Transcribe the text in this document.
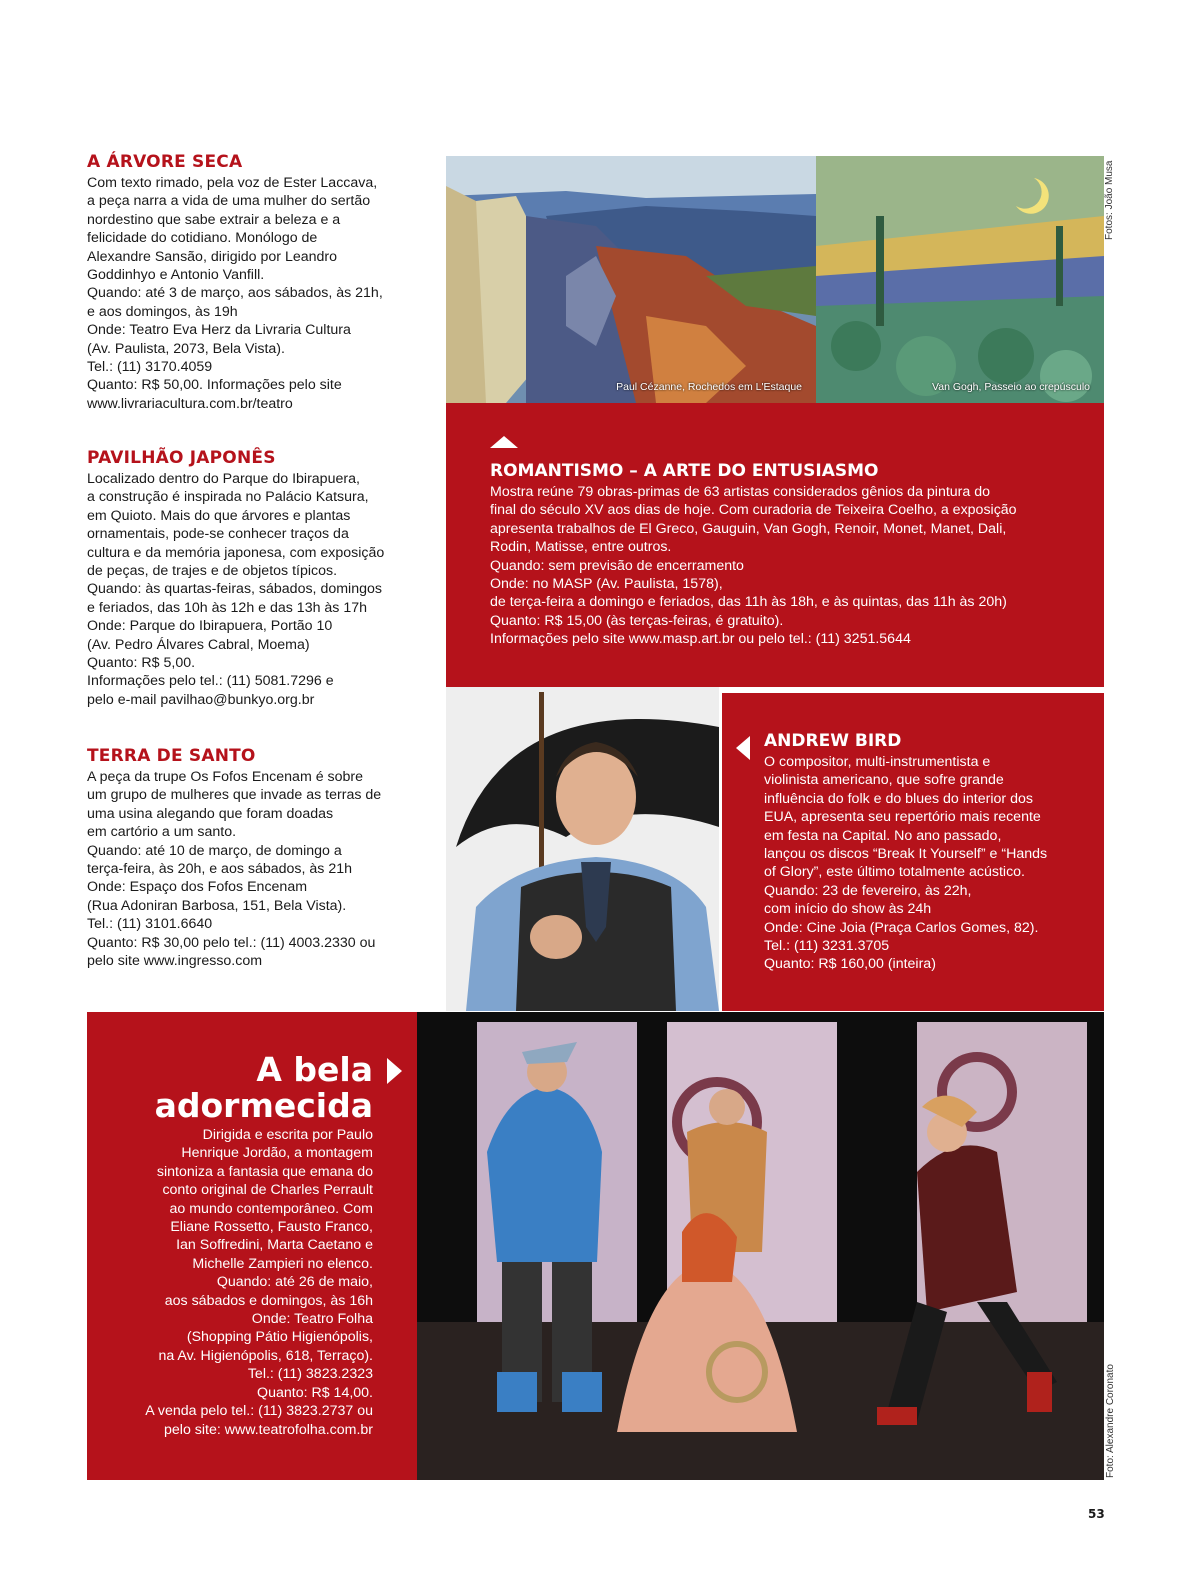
A ÁRVORE SECA

Com texto rimado, pela voz de Ester Laccava,

a peça narra a vida de uma mulher do sertão

nordestino que sabe extrair a beleza e a

felicidade do cotidiano. Monólogo de

Alexandre Sansão, dirigido por Leandro

Goddinhyo e Antonio Vanfill.

Quando: até 3 de março, aos sábados, às 21h,

e aos domingos, às 19h

Onde: Teatro Eva Herz da Livraria Cultura

(Av. Paulista, 2073, Bela Vista).

Tel.: (11) 3170.4059

Quanto: R$ 50,00. Informações pelo site

www.livrariacultura.com.br/teatro

PAVILHÃO JAPONÊS

Localizado dentro do Parque do Ibirapuera,

a construção é inspirada no Palácio Katsura,

em Quioto. Mais do que árvores e plantas

ornamentais, pode-se conhecer traços da

cultura e da memória japonesa, com exposição

de peças, de trajes e de objetos típicos.

Quando: às quartas-feiras, sábados, domingos

e feriados, das 10h às 12h e das 13h às 17h

Onde: Parque do Ibirapuera, Portão 10

(Av. Pedro Álvares Cabral, Moema)

Quanto: R$ 5,00.

Informações pelo tel.: (11) 5081.7296 e

pelo e-mail pavilhao@bunkyo.org.br

TERRA DE SANTO

A peça da trupe Os Fofos Encenam é sobre

um grupo de mulheres que invade as terras de

uma usina alegando que foram doadas

em cartório a um santo.

Quando: até 10 de março, de domingo a

terça-feira, às 20h, e aos sábados, às 21h

Onde: Espaço dos Fofos Encenam

(Rua Adoniran Barbosa, 151, Bela Vista).

Tel.: (11) 3101.6640

Quanto: R$ 30,00 pelo tel.: (11) 4003.2330 ou

pelo site www.ingresso.com

Paul Cézanne, Rochedos em L'Estaque	Van Gogh, Passeio ao crepúsculo
Fotos: João Musa
ROMANTISMO – A ARTE DO ENTUSIASMO

Mostra reúne 79 obras-primas de 63 artistas considerados gênios da pintura do

final do século XV aos dias de hoje. Com curadoria de Teixeira Coelho, a exposição

apresenta trabalhos de El Greco, Gauguin, Van Gogh, Renoir, Monet, Manet, Dali,

Rodin, Matisse, entre outros.

Quando: sem previsão de encerramento

Onde: no MASP (Av. Paulista, 1578),

de terça-feira a domingo e feriados, das 11h às 18h, e às quintas, das 11h às 20h)

Quanto: R$ 15,00 (às terças-feiras, é gratuito).

Informações pelo site www.masp.art.br ou pelo tel.: (11) 3251.5644

ANDREW BIRD

O compositor, multi-instrumentista e

violinista americano, que sofre grande

influência do folk e do blues do interior dos

EUA, apresenta seu repertório mais recente

em festa na Capital. No ano passado,

lançou os discos “Break It Yourself” e “Hands

of Glory”, este último totalmente acústico.

Quando: 23 de fevereiro, às 22h,

com início do show às 24h

Onde: Cine Joia (Praça Carlos Gomes, 82).

Tel.: (11) 3231.3705

Quanto: R$ 160,00 (inteira)

A bela
adormecida

Dirigida e escrita por Paulo

Henrique Jordão, a montagem

sintoniza a fantasia que emana do

conto original de Charles Perrault

ao mundo contemporâneo. Com

Eliane Rossetto, Fausto Franco,

Ian Soffredini, Marta Caetano e

Michelle Zampieri no elenco.

Quando: até 26 de maio,

aos sábados e domingos, às 16h

Onde: Teatro Folha

(Shopping Pátio Higienópolis,

na Av. Higienópolis, 618, Terraço).

Tel.: (11) 3823.2323

Quanto: R$ 14,00.

A venda pelo tel.: (11) 3823.2737 ou

pelo site: www.teatrofolha.com.br	Foto: Alexandre Coronato
53
